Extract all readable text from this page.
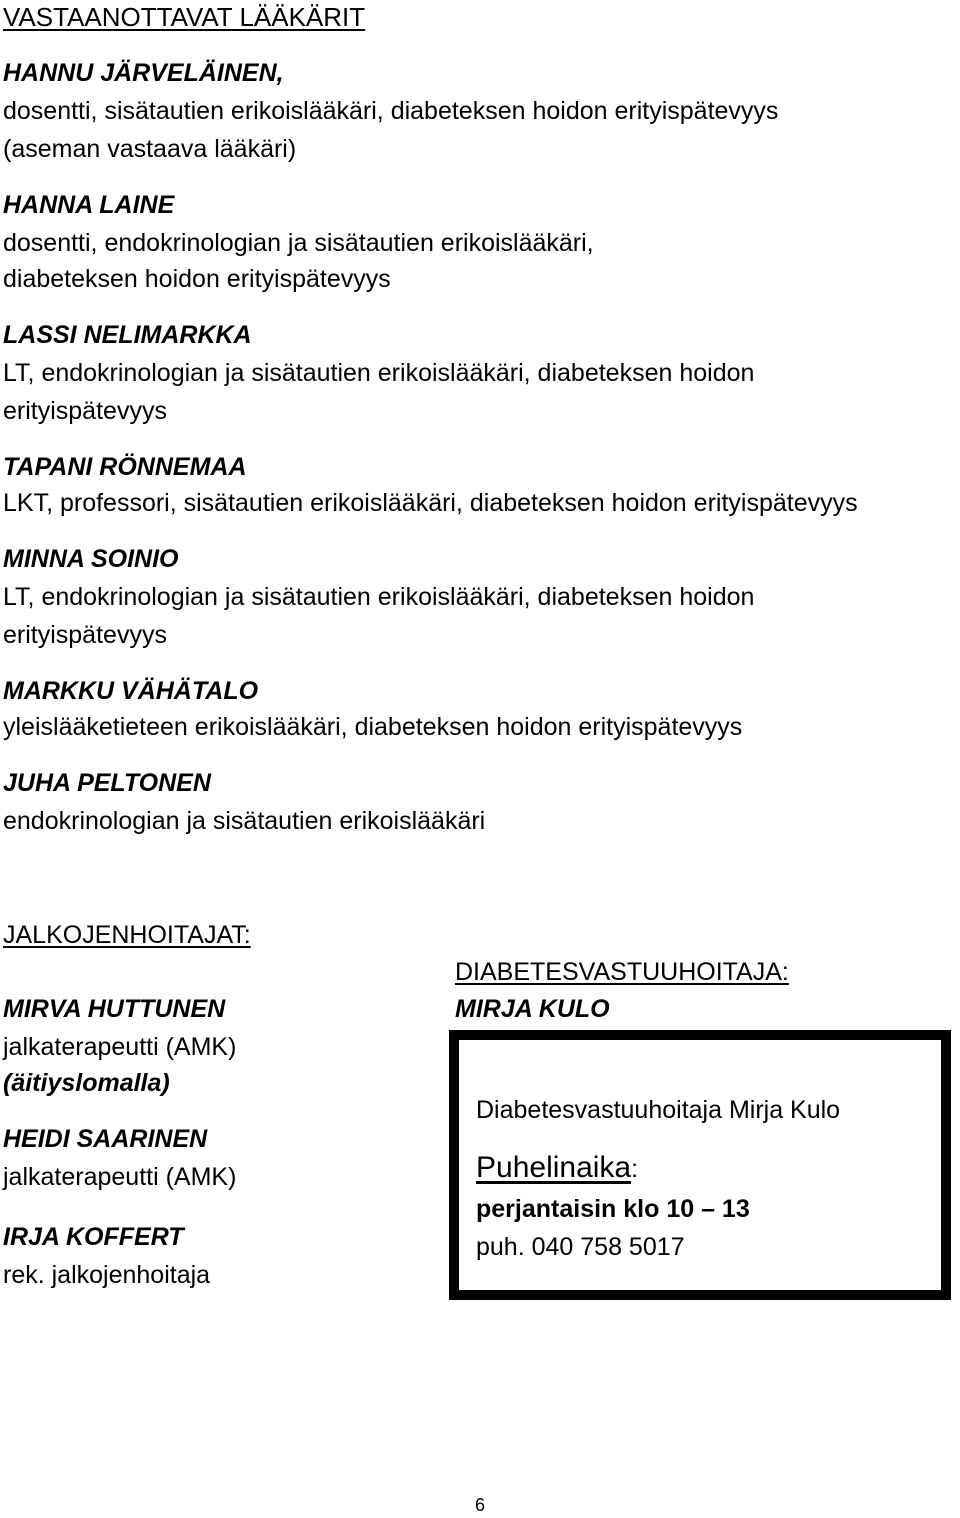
VASTAANOTTAVAT LÄÄKÄRIT
HANNU JÄRVELÄINEN,
dosentti, sisätautien erikoislääkäri, diabeteksen hoidon erityispätevyys
(aseman vastaava lääkäri)
HANNA LAINE
dosentti, endokrinologian ja sisätautien erikoislääkäri,
diabeteksen hoidon erityispätevyys
LASSI NELIMARKKA
LT, endokrinologian ja sisätautien erikoislääkäri, diabeteksen hoidon
erityispätevyys
TAPANI RÖNNEMAA
LKT, professori, sisätautien erikoislääkäri, diabeteksen hoidon erityispätevyys
MINNA SOINIO
LT, endokrinologian ja sisätautien erikoislääkäri, diabeteksen hoidon
erityispätevyys
MARKKU VÄHÄTALO
yleislääketieteen erikoislääkäri, diabeteksen hoidon erityispätevyys
JUHA PELTONEN
endokrinologian ja sisätautien erikoislääkäri
JALKOJENHOITAJAT:
MIRVA HUTTUNEN
jalkaterapeutti (AMK)
(äitiyslomalla)
HEIDI SAARINEN
jalkaterapeutti (AMK)
IRJA KOFFERT
rek. jalkojenhoitaja
DIABETESVASTUUHOITAJA:
MIRJA KULO
Diabetesvastuuhoitaja Mirja Kulo
Puhelinaika:
perjantaisin klo 10 – 13
puh. 040 758 5017
6
